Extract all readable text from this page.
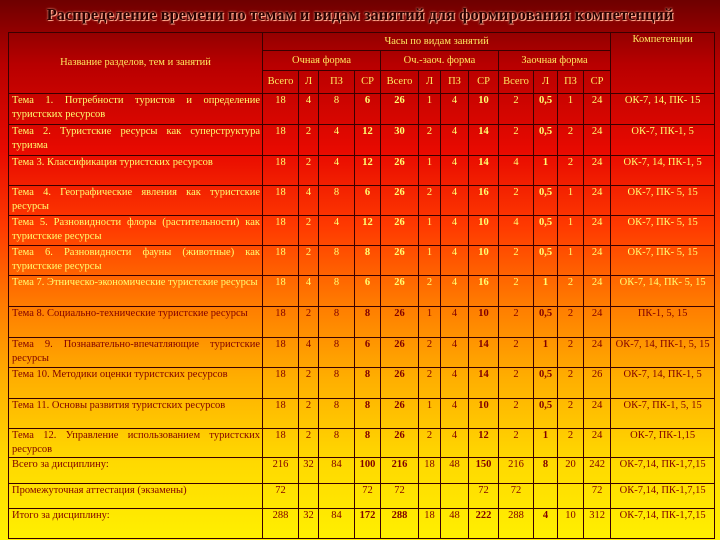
Распределение времени по темам и видам занятий для формирования компетенций
Название разделов, тем и занятий	Часы по видам занятий												Компетенции
	Очная форма				Оч.-заоч. форма				Заочная форма				
	Всего	Л	ПЗ	СР	Всего	Л	ПЗ	СР	Всего	Л	ПЗ	СР	
Тема 1. Потребности туристов и определение туристских ресурсов	18	4	8	6	26	1	4	10	2	0,5	1	24	ОК-7, 14, ПК- 15
Тема 2. Туристские ресурсы как суперструктура туризма	18	2	4	12	30	2	4	14	2	0,5	2	24	ОК-7, ПК-1, 5
Тема 3. Классификация туристских ресурсов	18	2	4	12	26	1	4	14	4	1	2	24	ОК-7, 14, ПК-1, 5
Тема 4. Географические явления как туристские ресурсы	18	4	8	6	26	2	4	16	2	0,5	1	24	ОК-7, ПК- 5, 15
Тема 5. Разновидности флоры (растительности) как туристские ресурсы	18	2	4	12	26	1	4	10	4	0,5	1	24	ОК-7, ПК- 5, 15
Тема 6. Разновидности фауны (животные) как туристские ресурсы	18	2	8	8	26	1	4	10	2	0,5	1	24	ОК-7, ПК- 5, 15
Тема 7. Этническо-экономические туристские ресурсы	18	4	8	6	26	2	4	16	2	1	2	24	ОК-7, 14, ПК- 5, 15
Тема 8. Социально-технические туристские ресурсы	18	2	8	8	26	1	4	10	2	0,5	2	24	ПК-1, 5, 15
Тема 9. Познавательно-впечатляющие туристские ресурсы	18	4	8	6	26	2	4	14	2	1	2	24	ОК-7, 14, ПК-1, 5, 15
Тема 10. Методики оценки туристских ресурсов	18	2	8	8	26	2	4	14	2	0,5	2	26	ОК-7, 14, ПК-1, 5
Тема 11. Основы развития туристских ресурсов	18	2	8	8	26	1	4	10	2	0,5	2	24	ОК-7, ПК-1, 5, 15
Тема 12. Управление использованием туристских ресурсов	18	2	8	8	26	2	4	12	2	1	2	24	ОК-7, ПК-1,15
Всего за дисциплину:	216	32	84	100	216	18	48	150	216	8	20	242	ОК-7,14, ПК-1,7,15
Промежуточная аттестация (экзамены)	72			72	72			72	72			72	ОК-7,14, ПК-1,7,15
Итого за дисциплину:	288	32	84	172	288	18	48	222	288	4	10	312	ОК-7,14, ПК-1,7,15
